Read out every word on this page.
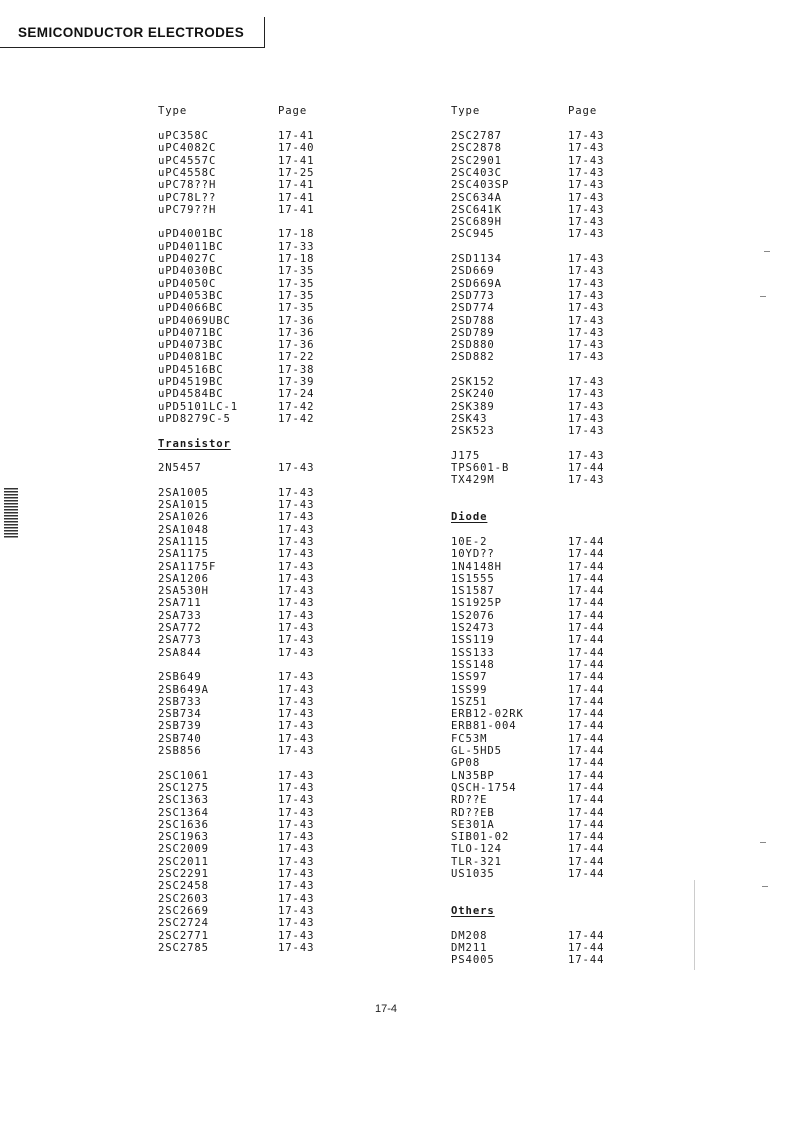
SEMICONDUCTOR ELECTRODES
Type	Page
uPC358C	17-41
uPC4082C	17-40
uPC4557C	17-41
uPC4558C	17-25
uPC78??H	17-41
uPC78L??	17-41
uPC79??H	17-41
uPD4001BC	17-18
uPD4011BC	17-33
uPD4027C	17-18
uPD4030BC	17-35
uPD4050C	17-35
uPD4053BC	17-35
uPD4066BC	17-35
uPD4069UBC	17-36
uPD4071BC	17-36
uPD4073BC	17-36
uPD4081BC	17-22
uPD4516BC	17-38
uPD4519BC	17-39
uPD4584BC	17-24
uPD5101LC-1	17-42
uPD8279C-5	17-42
Transistor
2N5457	17-43
2SA1005	17-43
2SA1015	17-43
2SA1026	17-43
2SA1048	17-43
2SA1115	17-43
2SA1175	17-43
2SA1175F	17-43
2SA1206	17-43
2SA530H	17-43
2SA711	17-43
2SA733	17-43
2SA772	17-43
2SA773	17-43
2SA844	17-43
2SB649	17-43
2SB649A	17-43
2SB733	17-43
2SB734	17-43
2SB739	17-43
2SB740	17-43
2SB856	17-43
2SC1061	17-43
2SC1275	17-43
2SC1363	17-43
2SC1364	17-43
2SC1636	17-43
2SC1963	17-43
2SC2009	17-43
2SC2011	17-43
2SC2291	17-43
2SC2458	17-43
2SC2603	17-43
2SC2669	17-43
2SC2724	17-43
2SC2771	17-43
2SC2785	17-43
Type	Page
2SC2787	17-43
2SC2878	17-43
2SC2901	17-43
2SC403C	17-43
2SC403SP	17-43
2SC634A	17-43
2SC641K	17-43
2SC689H	17-43
2SC945	17-43
2SD1134	17-43
2SD669	17-43
2SD669A	17-43
2SD773	17-43
2SD774	17-43
2SD788	17-43
2SD789	17-43
2SD880	17-43
2SD882	17-43
2SK152	17-43
2SK240	17-43
2SK389	17-43
2SK43	17-43
2SK523	17-43
J175	17-43
TPS601-B	17-44
TX429M	17-43
Diode
10E-2	17-44
10YD??	17-44
1N4148H	17-44
1S1555	17-44
1S1587	17-44
1S1925P	17-44
1S2076	17-44
1S2473	17-44
1SS119	17-44
1SS133	17-44
1SS148	17-44
1SS97	17-44
1SS99	17-44
1SZ51	17-44
ERB12-02RK	17-44
ERB81-004	17-44
FC53M	17-44
GL-5HD5	17-44
GP08	17-44
LN35BP	17-44
QSCH-1754	17-44
RD??E	17-44
RD??EB	17-44
SE301A	17-44
SIB01-02	17-44
TLO-124	17-44
TLR-321	17-44
US1035	17-44
Others
DM208	17-44
DM211	17-44
PS4005	17-44
17-4
